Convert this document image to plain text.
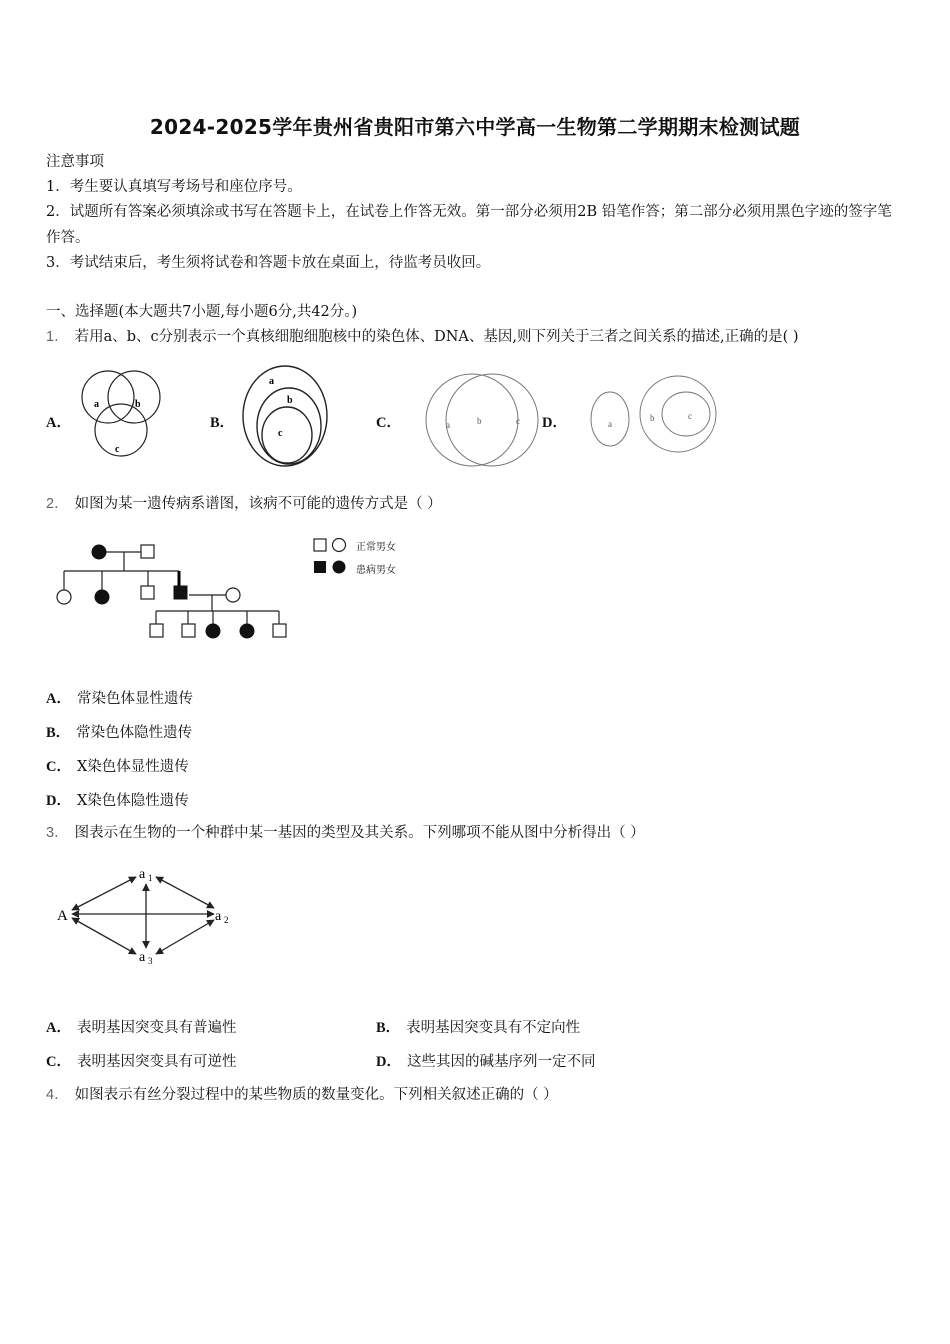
2024-2025学年贵州省贵阳市第六中学高一生物第二学期期末检测试题
注意事项
1．考生要认真填写考场号和座位序号。
2．试题所有答案必须填涂或书写在答题卡上，在试卷上作答无效。第一部分必须用2B 铅笔作答；第二部分必须用黑色字迹的签字笔作答。
3．考试结束后，考生须将试卷和答题卡放在桌面上，待监考员收回。
一、选择题(本大题共7小题,每小题6分,共42分。)
1． 若用a、b、c分别表示一个真核细胞细胞核中的染色体、DNA、基因,则下列关于三者之间关系的描述,正确的是( )
A．	B．	C．	D．
a	b
c
a
b
c
a	b	c	a
b	c
2． 如图为某一遗传病系谱图，该病不可能的遗传方式是（ ）
正常男女
患病男女
A． 常染色体显性遗传
B． 常染色体隐性遗传
C． X染色体显性遗传
D． X染色体隐性遗传
3． 图表示在生物的一个种群中某一基因的类型及其关系。下列哪项不能从图中分析得出（ ）
A
a 1
a 2
a 3
A． 表明基因突变具有普遍性	B． 表明基因突变具有不定向性
C． 表明基因突变具有可逆性	D． 这些其因的碱基序列一定不同
4． 如图表示有丝分裂过程中的某些物质的数量变化。下列相关叙述正确的（ ）
